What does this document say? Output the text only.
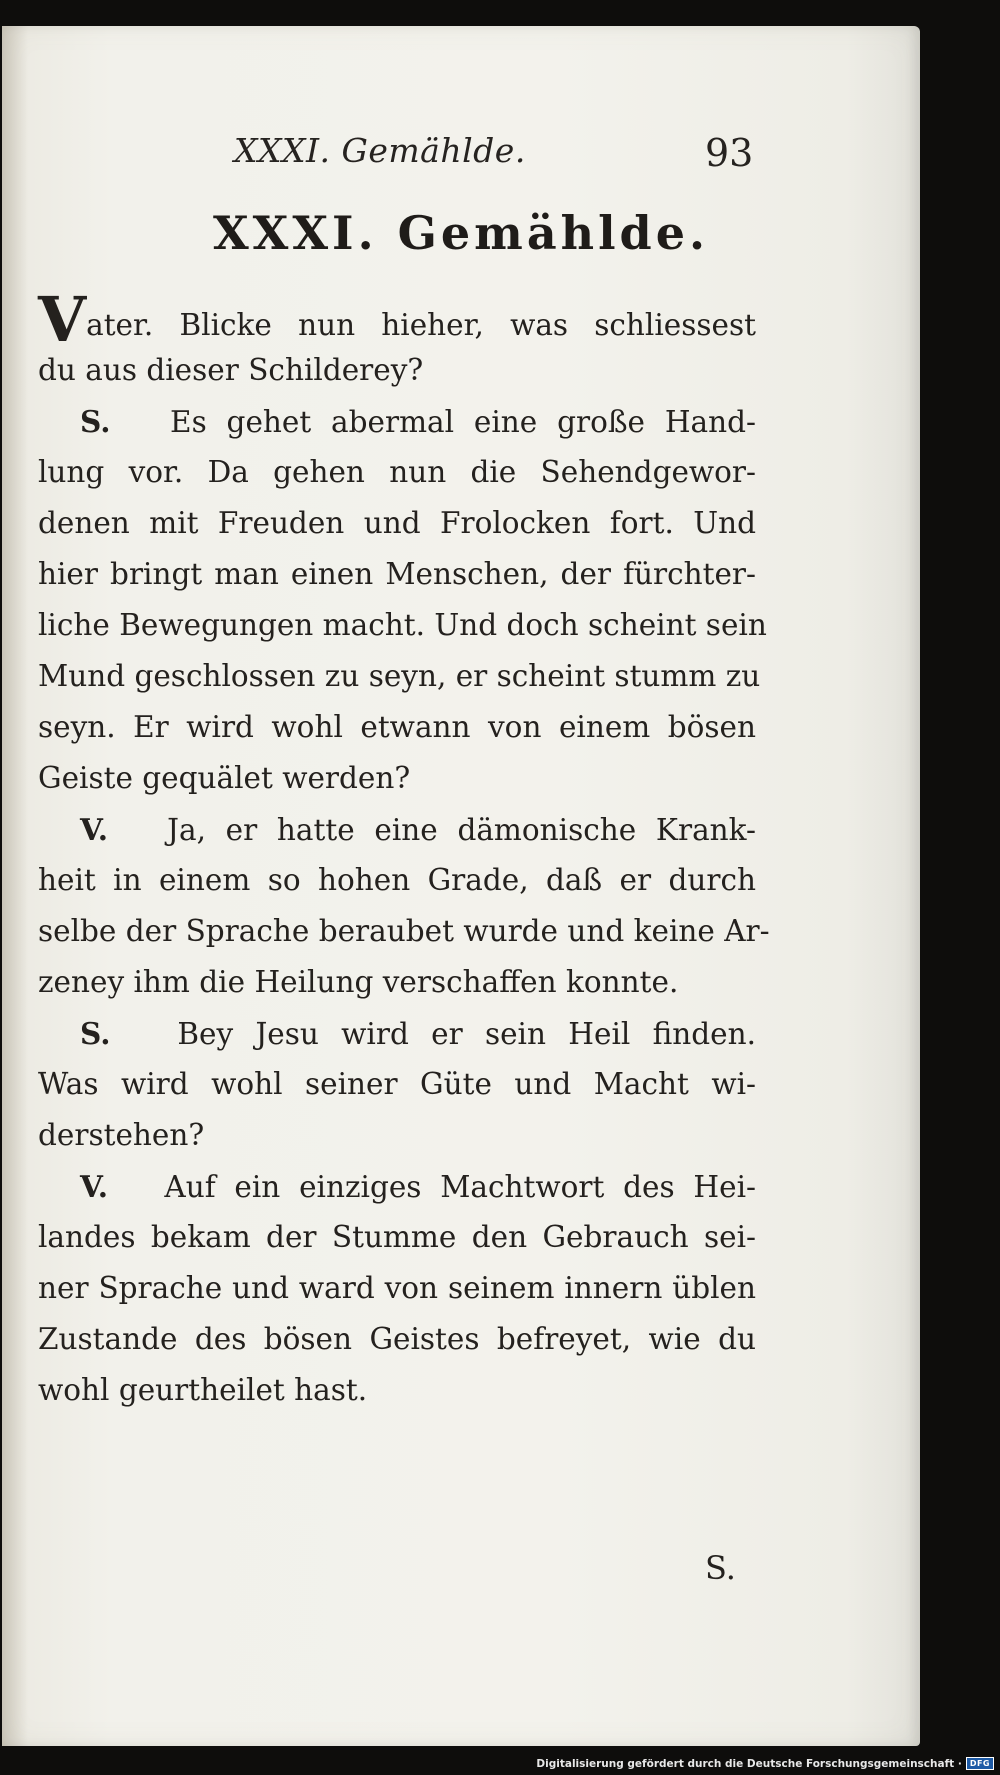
XXXI. Gemählde.	93
XXXI. Gemählde.
Vater. Blicke nun hieher, was schliessest
du aus dieser Schilderey?
S. Es gehet abermal eine große Hand-
lung vor. Da gehen nun die Sehendgewor-
denen mit Freuden und Frolocken fort. Und
hier bringt man einen Menschen, der fürchter-
liche Bewegungen macht. Und doch scheint sein
Mund geschlossen zu seyn, er scheint stumm zu
seyn. Er wird wohl etwann von einem bösen
Geiste gequälet werden?
V. Ja, er hatte eine dämonische Krank-
heit in einem so hohen Grade, daß er durch
selbe der Sprache beraubet wurde und keine Ar-
zeney ihm die Heilung verschaffen konnte.
S. Bey Jesu wird er sein Heil finden.
Was wird wohl seiner Güte und Macht wi-
derstehen?
V. Auf ein einziges Machtwort des Hei-
landes bekam der Stumme den Gebrauch sei-
ner Sprache und ward von seinem innern üblen
Zustande des bösen Geistes befreyet, wie du
wohl geurtheilet hast.
S.
Digitalisierung gefördert durch die Deutsche Forschungsgemeinschaft ·	DFG
